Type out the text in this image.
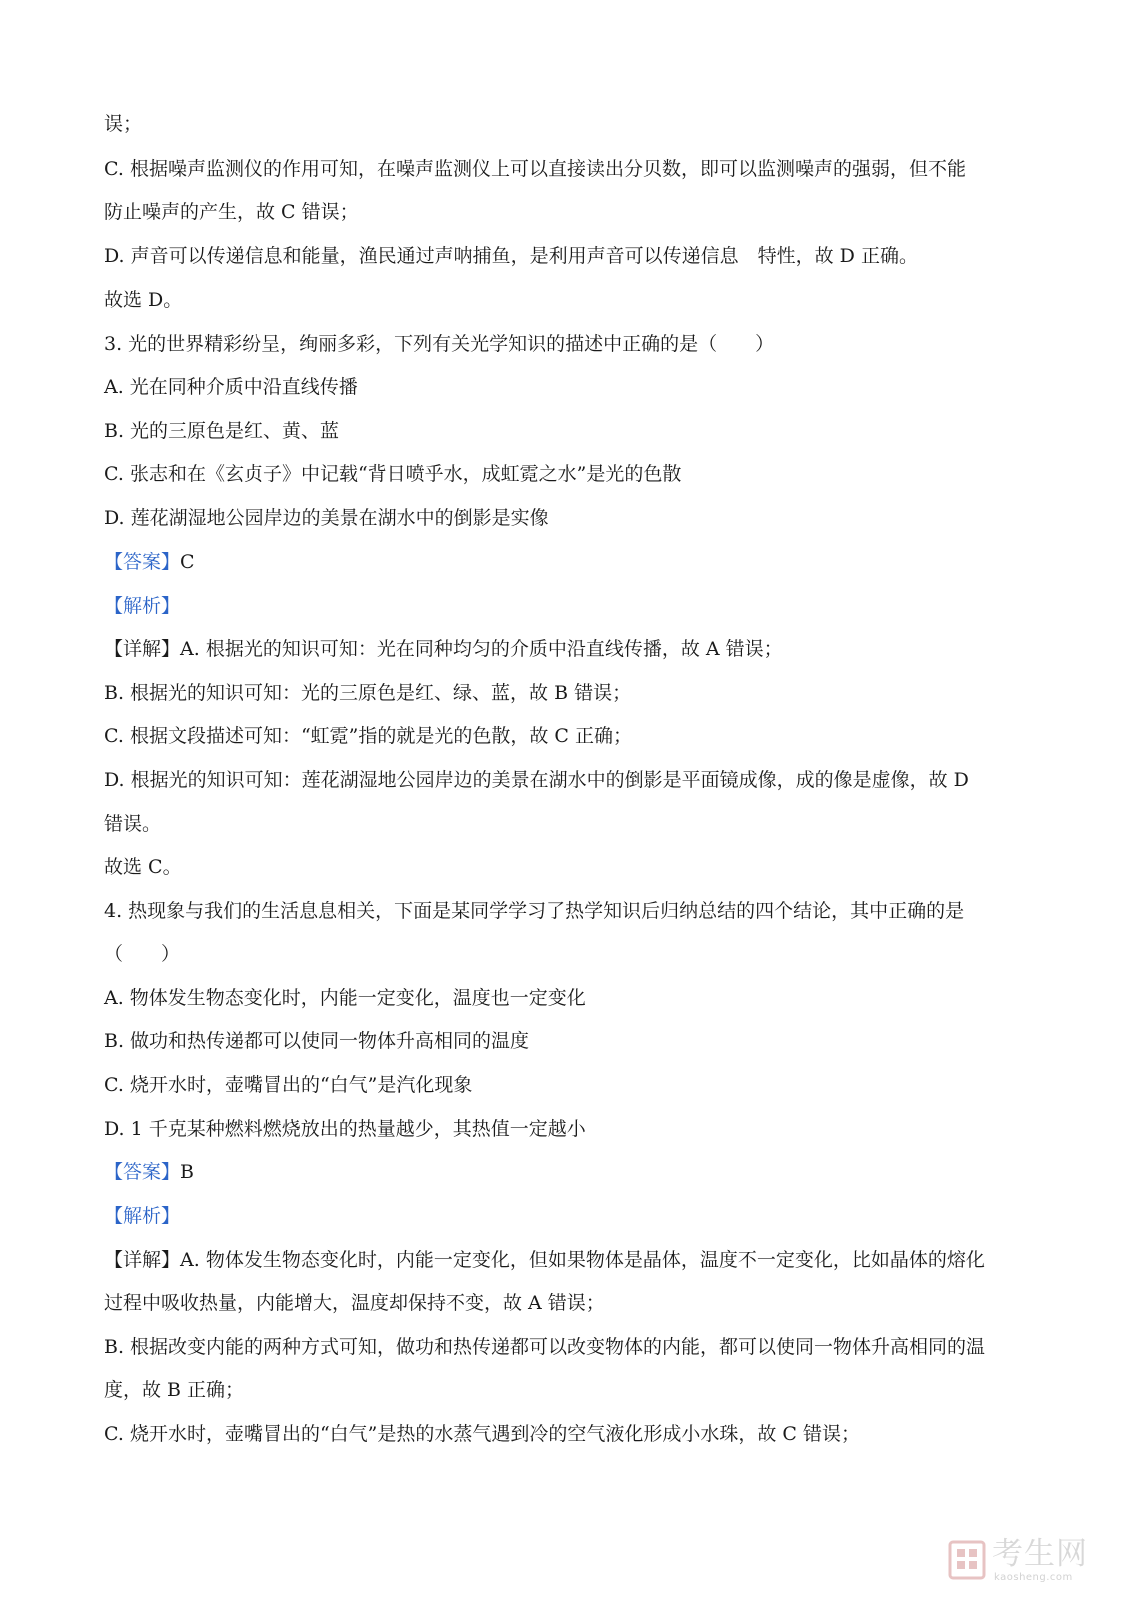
误；

C. 根据噪声监测仪的作用可知，在噪声监测仪上可以直接读出分贝数，即可以监测噪声的强弱，但不能

防止噪声的产生，故 C 错误；

D. 声音可以传递信息和能量，渔民通过声呐捕鱼，是利用声音可以传递信息　特性，故 D 正确。

故选 D。

3. 光的世界精彩纷呈，绚丽多彩，下列有关光学知识的描述中正确的是（　　）

A. 光在同种介质中沿直线传播

B. 光的三原色是红、黄、蓝

C. 张志和在《玄贞子》中记载“背日喷乎水，成虹霓之水”是光的色散

D. 莲花湖湿地公园岸边的美景在湖水中的倒影是实像

【答案】C

【解析】

【详解】A. 根据光的知识可知：光在同种均匀的介质中沿直线传播，故 A 错误；

B. 根据光的知识可知：光的三原色是红、绿、蓝，故 B 错误；

C. 根据文段描述可知：“虹霓”指的就是光的色散，故 C 正确；

D. 根据光的知识可知：莲花湖湿地公园岸边的美景在湖水中的倒影是平面镜成像，成的像是虚像，故 D

错误。

故选 C。

4. 热现象与我们的生活息息相关，下面是某同学学习了热学知识后归纳总结的四个结论，其中正确的是

（　　）

A. 物体发生物态变化时，内能一定变化，温度也一定变化

B. 做功和热传递都可以使同一物体升高相同的温度

C. 烧开水时，壶嘴冒出的“白气”是汽化现象

D. 1 千克某种燃料燃烧放出的热量越少，其热值一定越小

【答案】B

【解析】

【详解】A. 物体发生物态变化时，内能一定变化，但如果物体是晶体，温度不一定变化，比如晶体的熔化

过程中吸收热量，内能增大，温度却保持不变，故 A 错误；

B. 根据改变内能的两种方式可知，做功和热传递都可以改变物体的内能，都可以使同一物体升高相同的温

度，故 B 正确；

C. 烧开水时，壶嘴冒出的“白气”是热的水蒸气遇到冷的空气液化形成小水珠，故 C 错误；

考生网
kaosheng.com
